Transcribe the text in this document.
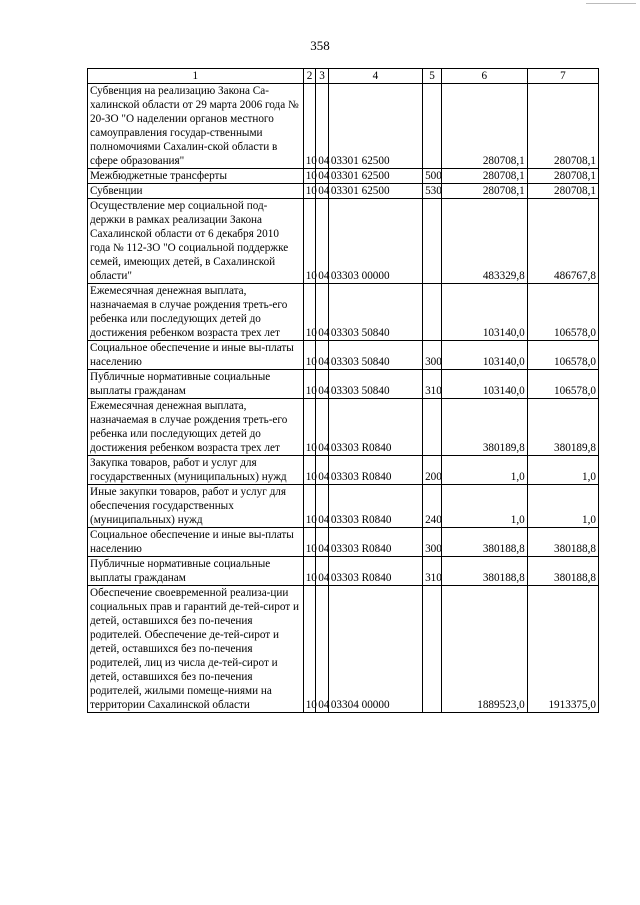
358
1	2	3	4	5	6	7
Субвенция на реализацию Закона Са-халинской области от 29 марта 2006 года № 20-ЗО "О наделении органов местного самоуправления государ-ственными полномочиями Сахалин-ской области в сфере образования"	10	04	03301 62500		280708,1	280708,1
Межбюджетные трансферты	10	04	03301 62500	500	280708,1	280708,1
Субвенции	10	04	03301 62500	530	280708,1	280708,1
Осуществление мер социальной под-держки в рамках реализации Закона Сахалинской области от 6 декабря 2010 года № 112-ЗО "О социальной поддержке семей, имеющих детей, в Сахалинской области"	10	04	03303 00000		483329,8	486767,8
Ежемесячная денежная выплата, назначаемая в случае рождения треть-его ребенка или последующих детей до достижения ребенком возраста трех лет	10	04	03303 50840		103140,0	106578,0
Социальное обеспечение и иные вы-платы населению	10	04	03303 50840	300	103140,0	106578,0
Публичные нормативные социальные выплаты гражданам	10	04	03303 50840	310	103140,0	106578,0
Ежемесячная денежная выплата, назначаемая в случае рождения треть-его ребенка или последующих детей до достижения ребенком возраста трех лет	10	04	03303 R0840		380189,8	380189,8
Закупка товаров, работ и услуг для государственных (муниципальных) нужд	10	04	03303 R0840	200	1,0	1,0
Иные закупки товаров, работ и услуг для обеспечения государственных (муниципальных) нужд	10	04	03303 R0840	240	1,0	1,0
Социальное обеспечение и иные вы-платы населению	10	04	03303 R0840	300	380188,8	380188,8
Публичные нормативные социальные выплаты гражданам	10	04	03303 R0840	310	380188,8	380188,8
Обеспечение своевременной реализа-ции социальных прав и гарантий де-тей-сирот и детей, оставшихся без по-печения родителей. Обеспечение де-тей-сирот и детей, оставшихся без по-печения родителей, лиц из числа де-тей-сирот и детей, оставшихся без по-печения родителей, жилыми помеще-ниями на территории Сахалинской области	10	04	03304 00000		1889523,0	1913375,0
